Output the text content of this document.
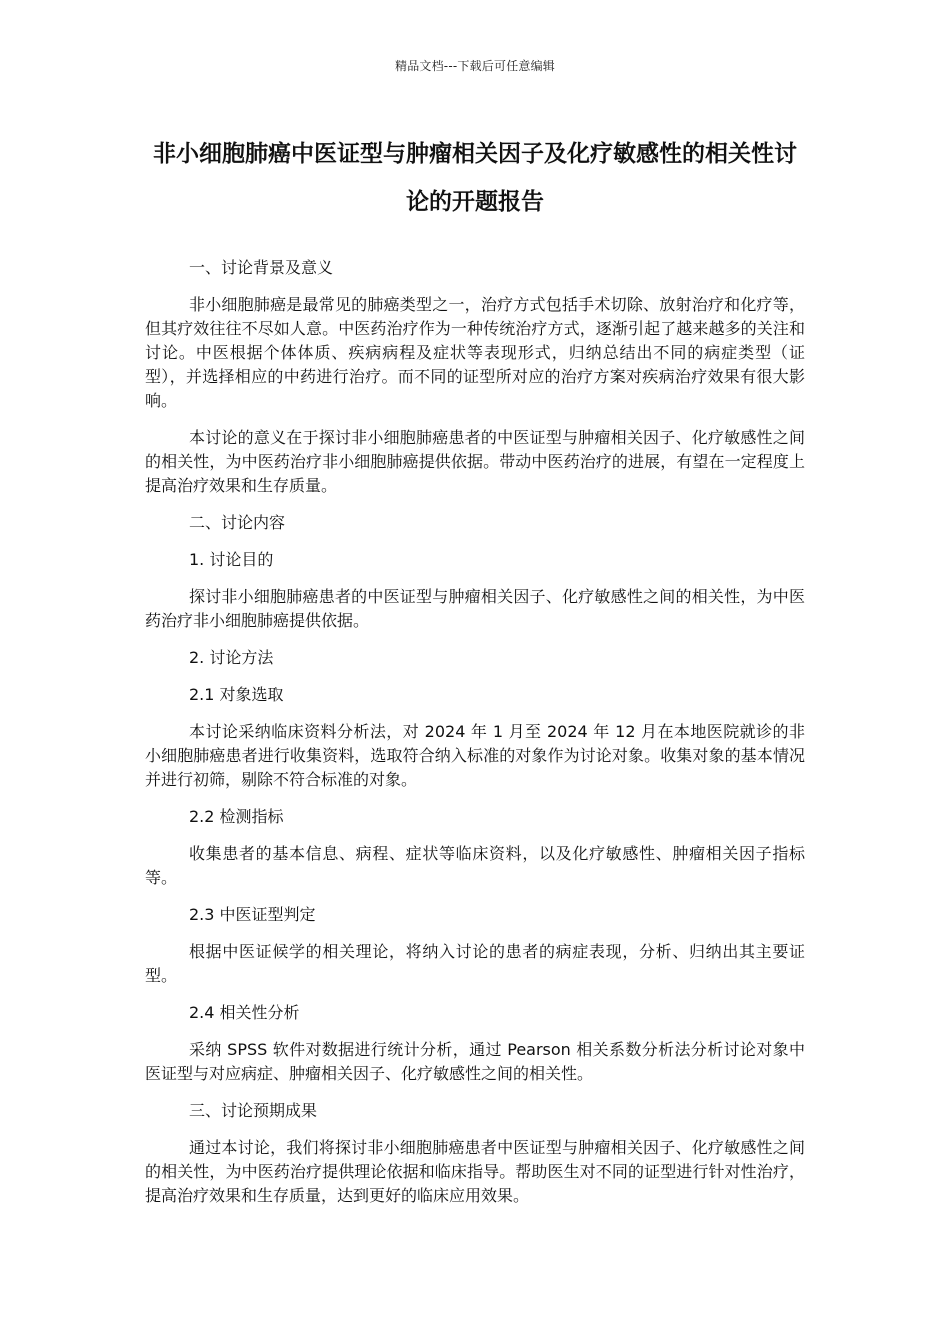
精品文档---下载后可任意编辑
非小细胞肺癌中医证型与肿瘤相关因子及化疗敏感性的相关性讨论的开题报告
一、讨论背景及意义
非小细胞肺癌是最常见的肺癌类型之一，治疗方式包括手术切除、放射治疗和化疗等，但其疗效往往不尽如人意。中医药治疗作为一种传统治疗方式，逐渐引起了越来越多的关注和讨论。中医根据个体体质、疾病病程及症状等表现形式，归纳总结出不同的病症类型（证型），并选择相应的中药进行治疗。而不同的证型所对应的治疗方案对疾病治疗效果有很大影响。
本讨论的意义在于探讨非小细胞肺癌患者的中医证型与肿瘤相关因子、化疗敏感性之间的相关性，为中医药治疗非小细胞肺癌提供依据。带动中医药治疗的进展，有望在一定程度上提高治疗效果和生存质量。
二、讨论内容
1. 讨论目的
探讨非小细胞肺癌患者的中医证型与肿瘤相关因子、化疗敏感性之间的相关性，为中医药治疗非小细胞肺癌提供依据。
2. 讨论方法
2.1 对象选取
本讨论采纳临床资料分析法，对 2024 年 1 月至 2024 年 12 月在本地医院就诊的非小细胞肺癌患者进行收集资料，选取符合纳入标准的对象作为讨论对象。收集对象的基本情况并进行初筛，剔除不符合标准的对象。
2.2 检测指标
收集患者的基本信息、病程、症状等临床资料，以及化疗敏感性、肿瘤相关因子指标等。
2.3 中医证型判定
根据中医证候学的相关理论，将纳入讨论的患者的病症表现，分析、归纳出其主要证型。
2.4 相关性分析
采纳 SPSS 软件对数据进行统计分析，通过 Pearson 相关系数分析法分析讨论对象中医证型与对应病症、肿瘤相关因子、化疗敏感性之间的相关性。
三、讨论预期成果
通过本讨论，我们将探讨非小细胞肺癌患者中医证型与肿瘤相关因子、化疗敏感性之间的相关性，为中医药治疗提供理论依据和临床指导。帮助医生对不同的证型进行针对性治疗，提高治疗效果和生存质量，达到更好的临床应用效果。
